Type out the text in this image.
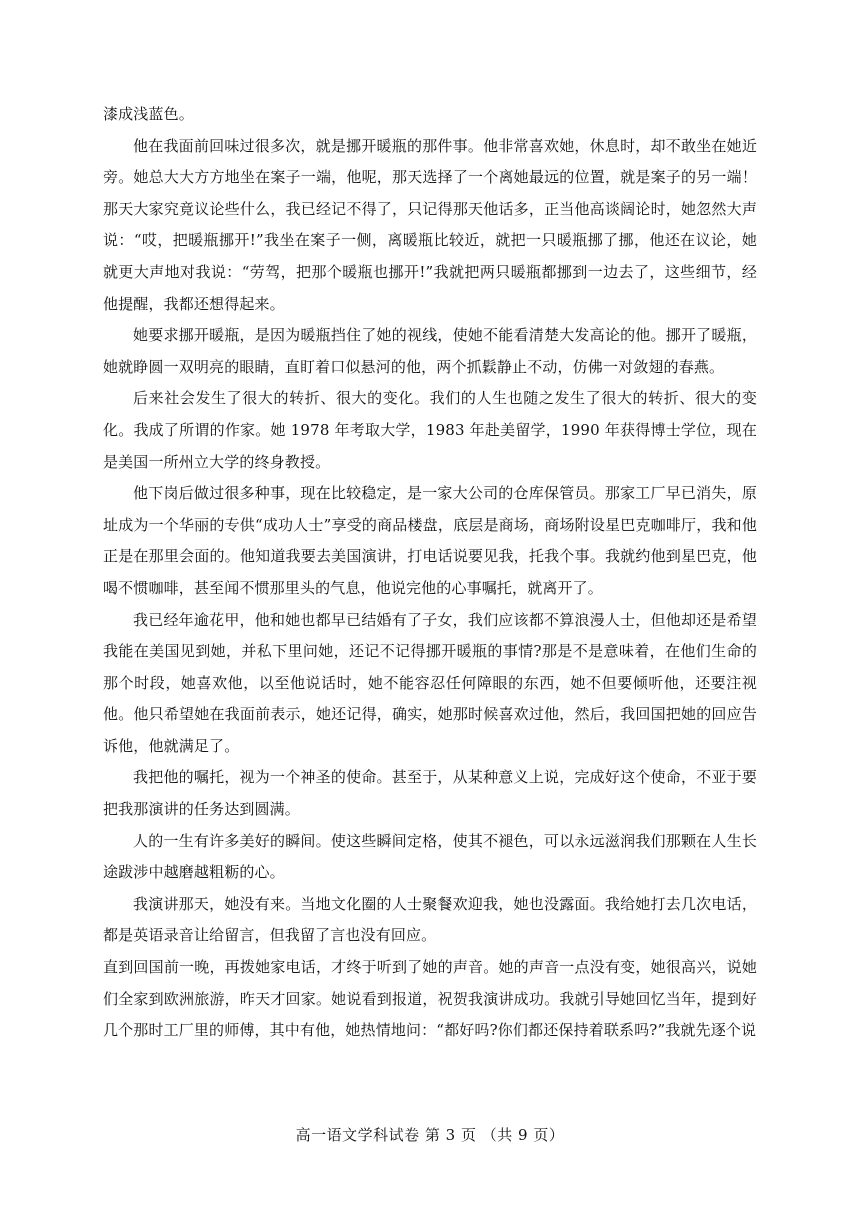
漆成浅蓝色。

他在我面前回味过很多次，就是挪开暖瓶的那件事。他非常喜欢她，休息时，却不敢坐在她近旁。她总大大方方地坐在案子一端，他呢，那天选择了一个离她最远的位置，就是案子的另一端！那天大家究竟议论些什么，我已经记不得了，只记得那天他话多，正当他高谈阔论时，她忽然大声说：“哎，把暖瓶挪开!”我坐在案子一侧，离暖瓶比较近，就把一只暖瓶挪了挪，他还在议论，她就更大声地对我说：“劳驾，把那个暖瓶也挪开!”我就把两只暖瓶都挪到一边去了，这些细节，经他提醒，我都还想得起来。

她要求挪开暖瓶，是因为暖瓶挡住了她的视线，使她不能看清楚大发高论的他。挪开了暖瓶，她就睁圆一双明亮的眼睛，直盯着口似悬河的他，两个抓鬏静止不动，仿佛一对敛翅的春燕。

后来社会发生了很大的转折、很大的变化。我们的人生也随之发生了很大的转折、很大的变化。我成了所谓的作家。她 1978 年考取大学，1983 年赴美留学，1990 年获得博士学位，现在是美国一所州立大学的终身教授。

他下岗后做过很多种事，现在比较稳定，是一家大公司的仓库保管员。那家工厂早已消失，原址成为一个华丽的专供“成功人士”享受的商品楼盘，底层是商场，商场附设星巴克咖啡厅，我和他正是在那里会面的。他知道我要去美国演讲，打电话说要见我，托我个事。我就约他到星巴克，他喝不惯咖啡，甚至闻不惯那里头的气息，他说完他的心事嘱托，就离开了。

我已经年逾花甲，他和她也都早已结婚有了子女，我们应该都不算浪漫人士，但他却还是希望我能在美国见到她，并私下里问她，还记不记得挪开暖瓶的事情?那是不是意味着，在他们生命的那个时段，她喜欢他，以至他说话时，她不能容忍任何障眼的东西，她不但要倾听他，还要注视他。他只希望她在我面前表示，她还记得，确实，她那时候喜欢过他，然后，我回国把她的回应告诉他，他就满足了。

我把他的嘱托，视为一个神圣的使命。甚至于，从某种意义上说，完成好这个使命，不亚于要把我那演讲的任务达到圆满。

人的一生有许多美好的瞬间。使这些瞬间定格，使其不褪色，可以永远滋润我们那颗在人生长途跋涉中越磨越粗粝的心。

我演讲那天，她没有来。当地文化圈的人士聚餐欢迎我，她也没露面。我给她打去几次电话，都是英语录音让给留言，但我留了言也没有回应。

直到回国前一晚，再拨她家电话，才终于听到了她的声音。她的声音一点没有变，她很高兴，说她们全家到欧洲旅游，昨天才回家。她说看到报道，祝贺我演讲成功。我就引导她回忆当年，提到好几个那时工厂里的师傅，其中有他，她热情地问：“都好吗?你们都还保持着联系吗?”我就先逐个说

高一语文学科试卷 第 3 页 （共 9 页）
